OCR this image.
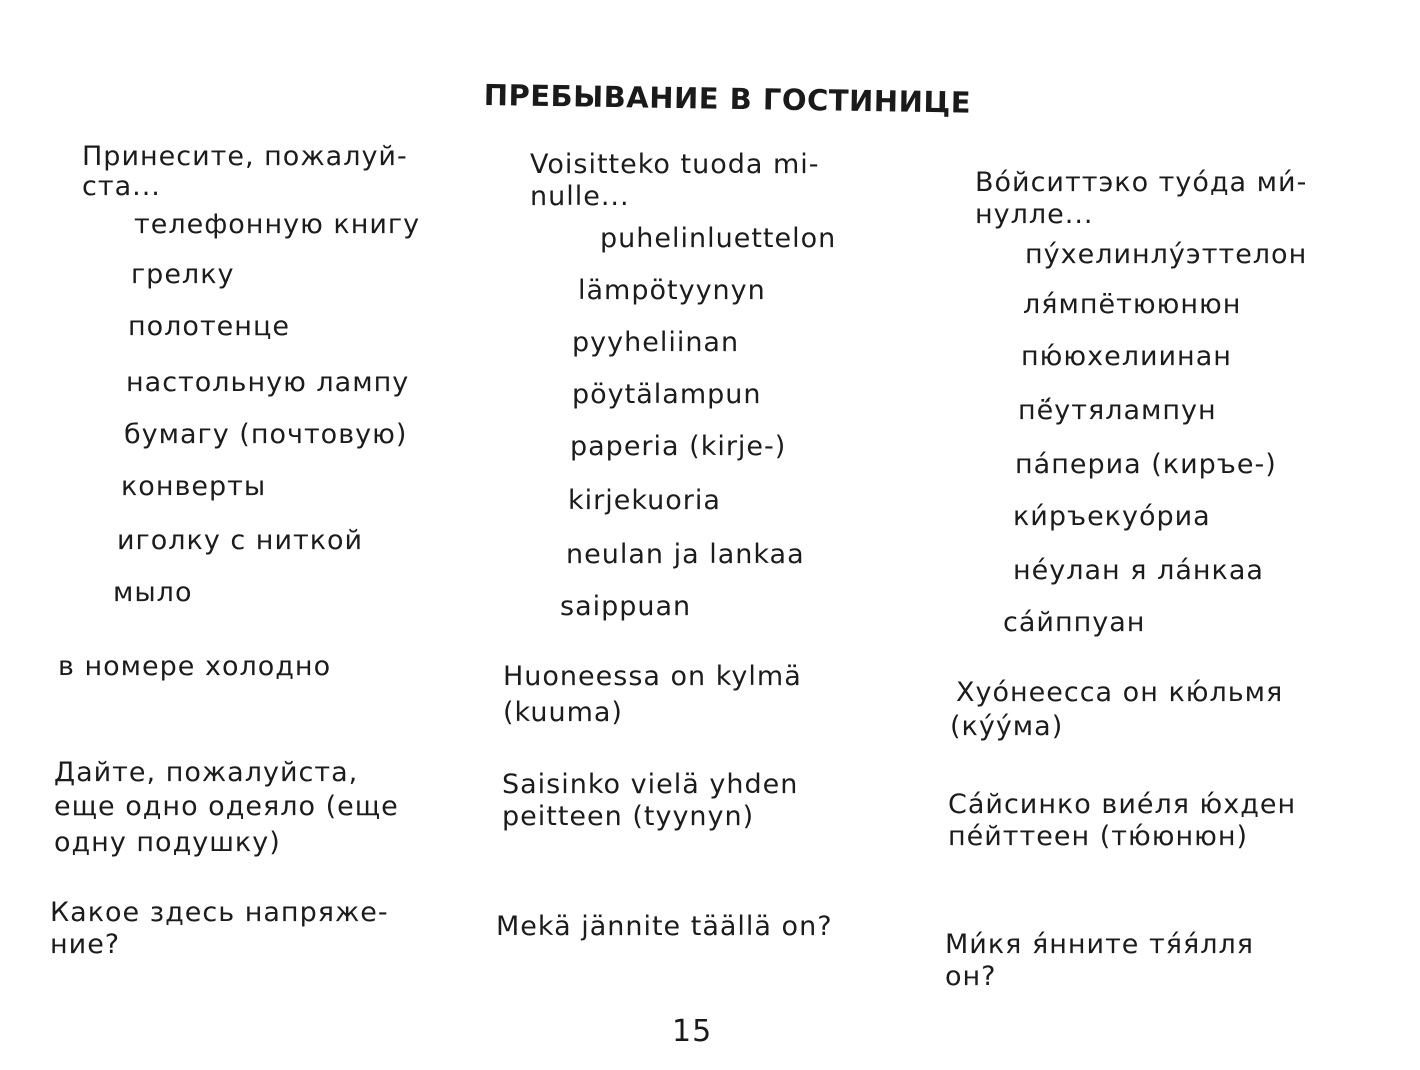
ПРЕБЫВАНИЕ В ГОСТИНИЦЕ
Принесите, пожалуй-
ста...
телефонную книгу
грелку
полотенце
настольную лампу
бумагу (почтовую)
конверты
иголку с ниткой
мыло
в номере холодно
Дайте, пожалуйста,
еще одно одеяло (еще
одну подушку)
Какое здесь напряже-
ние?
Voisitteko tuoda mi-
nulle...
puhelinluettelon
lämpötyynyn
pyyheliinan
pöytälampun
paperia (kirje-)
kirjekuoria
neulan ja lankaa
saippuan
Huoneessa on kylmä
(kuuma)
Saisinko vielä yhden
peitteen (tyynyn)
Mekä jännite täällä on?
Во́йситтэко туо́да ми́-
нулле...
пу́хелинлу́эттелон
ля́мпётююнюн
пю́юхелиинан
пё́утялампун
па́периа (киръе-)
ки́ръекуо́риа
не́улан я ла́нкаа
са́йппуан
Хуо́неесса он кю́льмя
(ку́у́ма)
Са́йсинко вие́ля ю́хден
пе́йттеен (тю́юнюн)
Ми́кя я́нните тя́я́лля
он?
15
